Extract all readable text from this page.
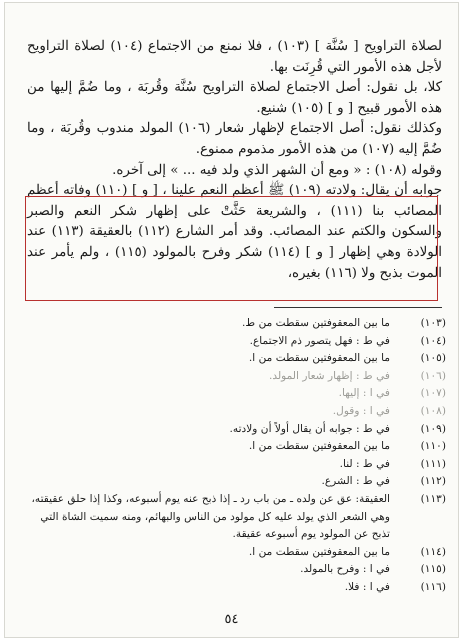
لصلاة التراويح [ سُنَّة ] (١٠٣) ، فلا نمنع من الاجتماع (١٠٤) لصلاة التراويح لأجل هذه الأمور التي قُرِنَت بها.

كلا، بل نقول: أصل الاجتماع لصلاة التراويح سُنَّة وقُربَة ، وما ضُمَّ إليها من هذه الأمور قبيح [ و ] (١٠٥) شنيع.

وكذلك نقول: أصل الاجتماع لإظهار شعار (١٠٦) المولد مندوب وقُربَة ، وما ضُمَّ إليه (١٠٧) من هذه الأمور مذموم ممنوع.

وقوله (١٠٨) : « ومع أن الشهر الذي ولد فيه ... » إلى آخره.

جوابه أن يقال: ولادته (١٠٩) ﷺ أعظم النعم علينا ، [ و ] (١١٠) وفاته أعظم المصائب بنا (١١١) ، والشريعة حَثَّتْ على إظهار شكر النعم والصبر والسكون والكتم عند المصائب. وقد أمر الشارع (١١٢) بالعقيقة (١١٣) عند الولادة وهي إظهار [ و ] (١١٤) شكر وفرح بالمولود (١١٥) ، ولم يأمر عند الموت بذبح ولا (١١٦) بغيره،

(١٠٣)
ما بين المعقوفتين سقطت من ط.
(١٠٤)
في ط : فهل يتصور ذم الاجتماع.
(١٠٥)
ما بين المعقوفتين سقطت من ا.
(١٠٦)
في ط : إظهار شعار المولد.
(١٠٧)
في ا : إليها.
(١٠٨)
في ا : وقول.
(١٠٩)
في ط : جوابه أن يقال أولاً أن ولادته.
(١١٠)
ما بين المعقوفتين سقطت من ا.
(١١١)
في ط : لنا.
(١١٢)
في ط : الشرع.
(١١٣)
العقيقة: عق عن ولده ـ من باب رد ـ إذا ذبح عنه يوم أسبوعه، وكذا إذا حلق عقيقته، وهي الشعر الذي يولد عليه كل مولود من الناس والبهائم، ومنه سميت الشاة التي تذبح عن المولود يوم أسبوعه عقيقة.
(١١٤)
ما بين المعقوفتين سقطت من ا.
(١١٥)
في ا : وفرح بالمولد.
(١١٦)
في ا : فلا.
٥٤
